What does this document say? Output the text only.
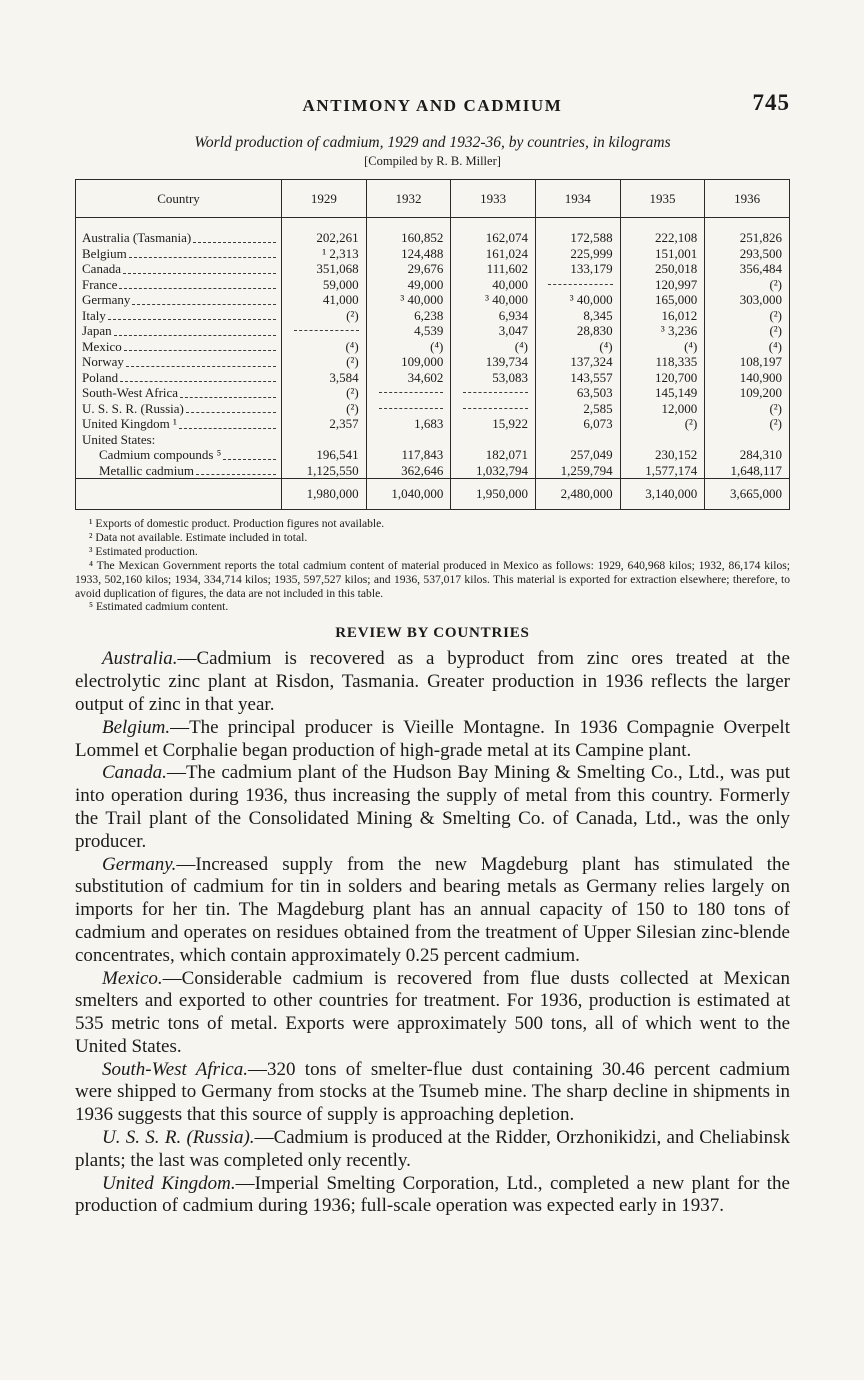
ANTIMONY AND CADMIUM	745
World production of cadmium, 1929 and 1932-36, by countries, in kilograms
[Compiled by R. B. Miller]
Country	1929	1932	1933	1934	1935	1936

Australia (Tasmania)	202,261	160,852	162,074	172,588	222,108	251,826

Belgium	¹ 2,313	124,488	161,024	225,999	151,001	293,500

Canada	351,068	29,676	111,602	133,179	250,018	356,484

France	59,000	49,000	40,000		120,997	(²)

Germany	41,000	³ 40,000	³ 40,000	³ 40,000	165,000	303,000

Italy	(²)	6,238	6,934	8,345	16,012	(²)

Japan		4,539	3,047	28,830	³ 3,236	(²)

Mexico	(⁴)	(⁴)	(⁴)	(⁴)	(⁴)	(⁴)

Norway	(²)	109,000	139,734	137,324	118,335	108,197

Poland	3,584	34,602	53,083	143,557	120,700	140,900

South-West Africa	(²)			63,503	145,149	109,200

U. S. S. R. (Russia)	(²)			2,585	12,000	(²)

United Kingdom ¹	2,357	1,683	15,922	6,073	(²)	(²)

United States:						

Cadmium compounds ⁵	196,541	117,843	182,071	257,049	230,152	284,310

Metallic cadmium	1,125,550	362,646	1,032,794	1,259,794	1,577,174	1,648,117
	1,980,000	1,040,000	1,950,000	2,480,000	3,140,000	3,665,000

¹ Exports of domestic product. Production figures not available.

² Data not available. Estimate included in total.

³ Estimated production.

⁴ The Mexican Government reports the total cadmium content of material produced in Mexico as follows: 1929, 640,968 kilos; 1932, 86,174 kilos; 1933, 502,160 kilos; 1934, 334,714 kilos; 1935, 597,527 kilos; and 1936, 537,017 kilos. This material is exported for extraction elsewhere; therefore, to avoid duplication of figures, the data are not included in this table.

⁵ Estimated cadmium content.

REVIEW BY COUNTRIES

Australia.—Cadmium is recovered as a byproduct from zinc ores treated at the electrolytic zinc plant at Risdon, Tasmania. Greater production in 1936 reflects the larger output of zinc in that year.

Belgium.—The principal producer is Vieille Montagne. In 1936 Compagnie Overpelt Lommel et Corphalie began production of high-grade metal at its Campine plant.

Canada.—The cadmium plant of the Hudson Bay Mining & Smelting Co., Ltd., was put into operation during 1936, thus increasing the supply of metal from this country. Formerly the Trail plant of the Consolidated Mining & Smelting Co. of Canada, Ltd., was the only producer.

Germany.—Increased supply from the new Magdeburg plant has stimulated the substitution of cadmium for tin in solders and bearing metals as Germany relies largely on imports for her tin. The Magdeburg plant has an annual capacity of 150 to 180 tons of cadmium and operates on residues obtained from the treatment of Upper Silesian zinc-blende concentrates, which contain approximately 0.25 percent cadmium.

Mexico.—Considerable cadmium is recovered from flue dusts collected at Mexican smelters and exported to other countries for treatment. For 1936, production is estimated at 535 metric tons of metal. Exports were approximately 500 tons, all of which went to the United States.

South-West Africa.—320 tons of smelter-flue dust containing 30.46 percent cadmium were shipped to Germany from stocks at the Tsumeb mine. The sharp decline in shipments in 1936 suggests that this source of supply is approaching depletion.

U. S. S. R. (Russia).—Cadmium is produced at the Ridder, Orzhonikidzi, and Cheliabinsk plants; the last was completed only recently.

United Kingdom.—Imperial Smelting Corporation, Ltd., completed a new plant for the production of cadmium during 1936; full-scale operation was expected early in 1937.
